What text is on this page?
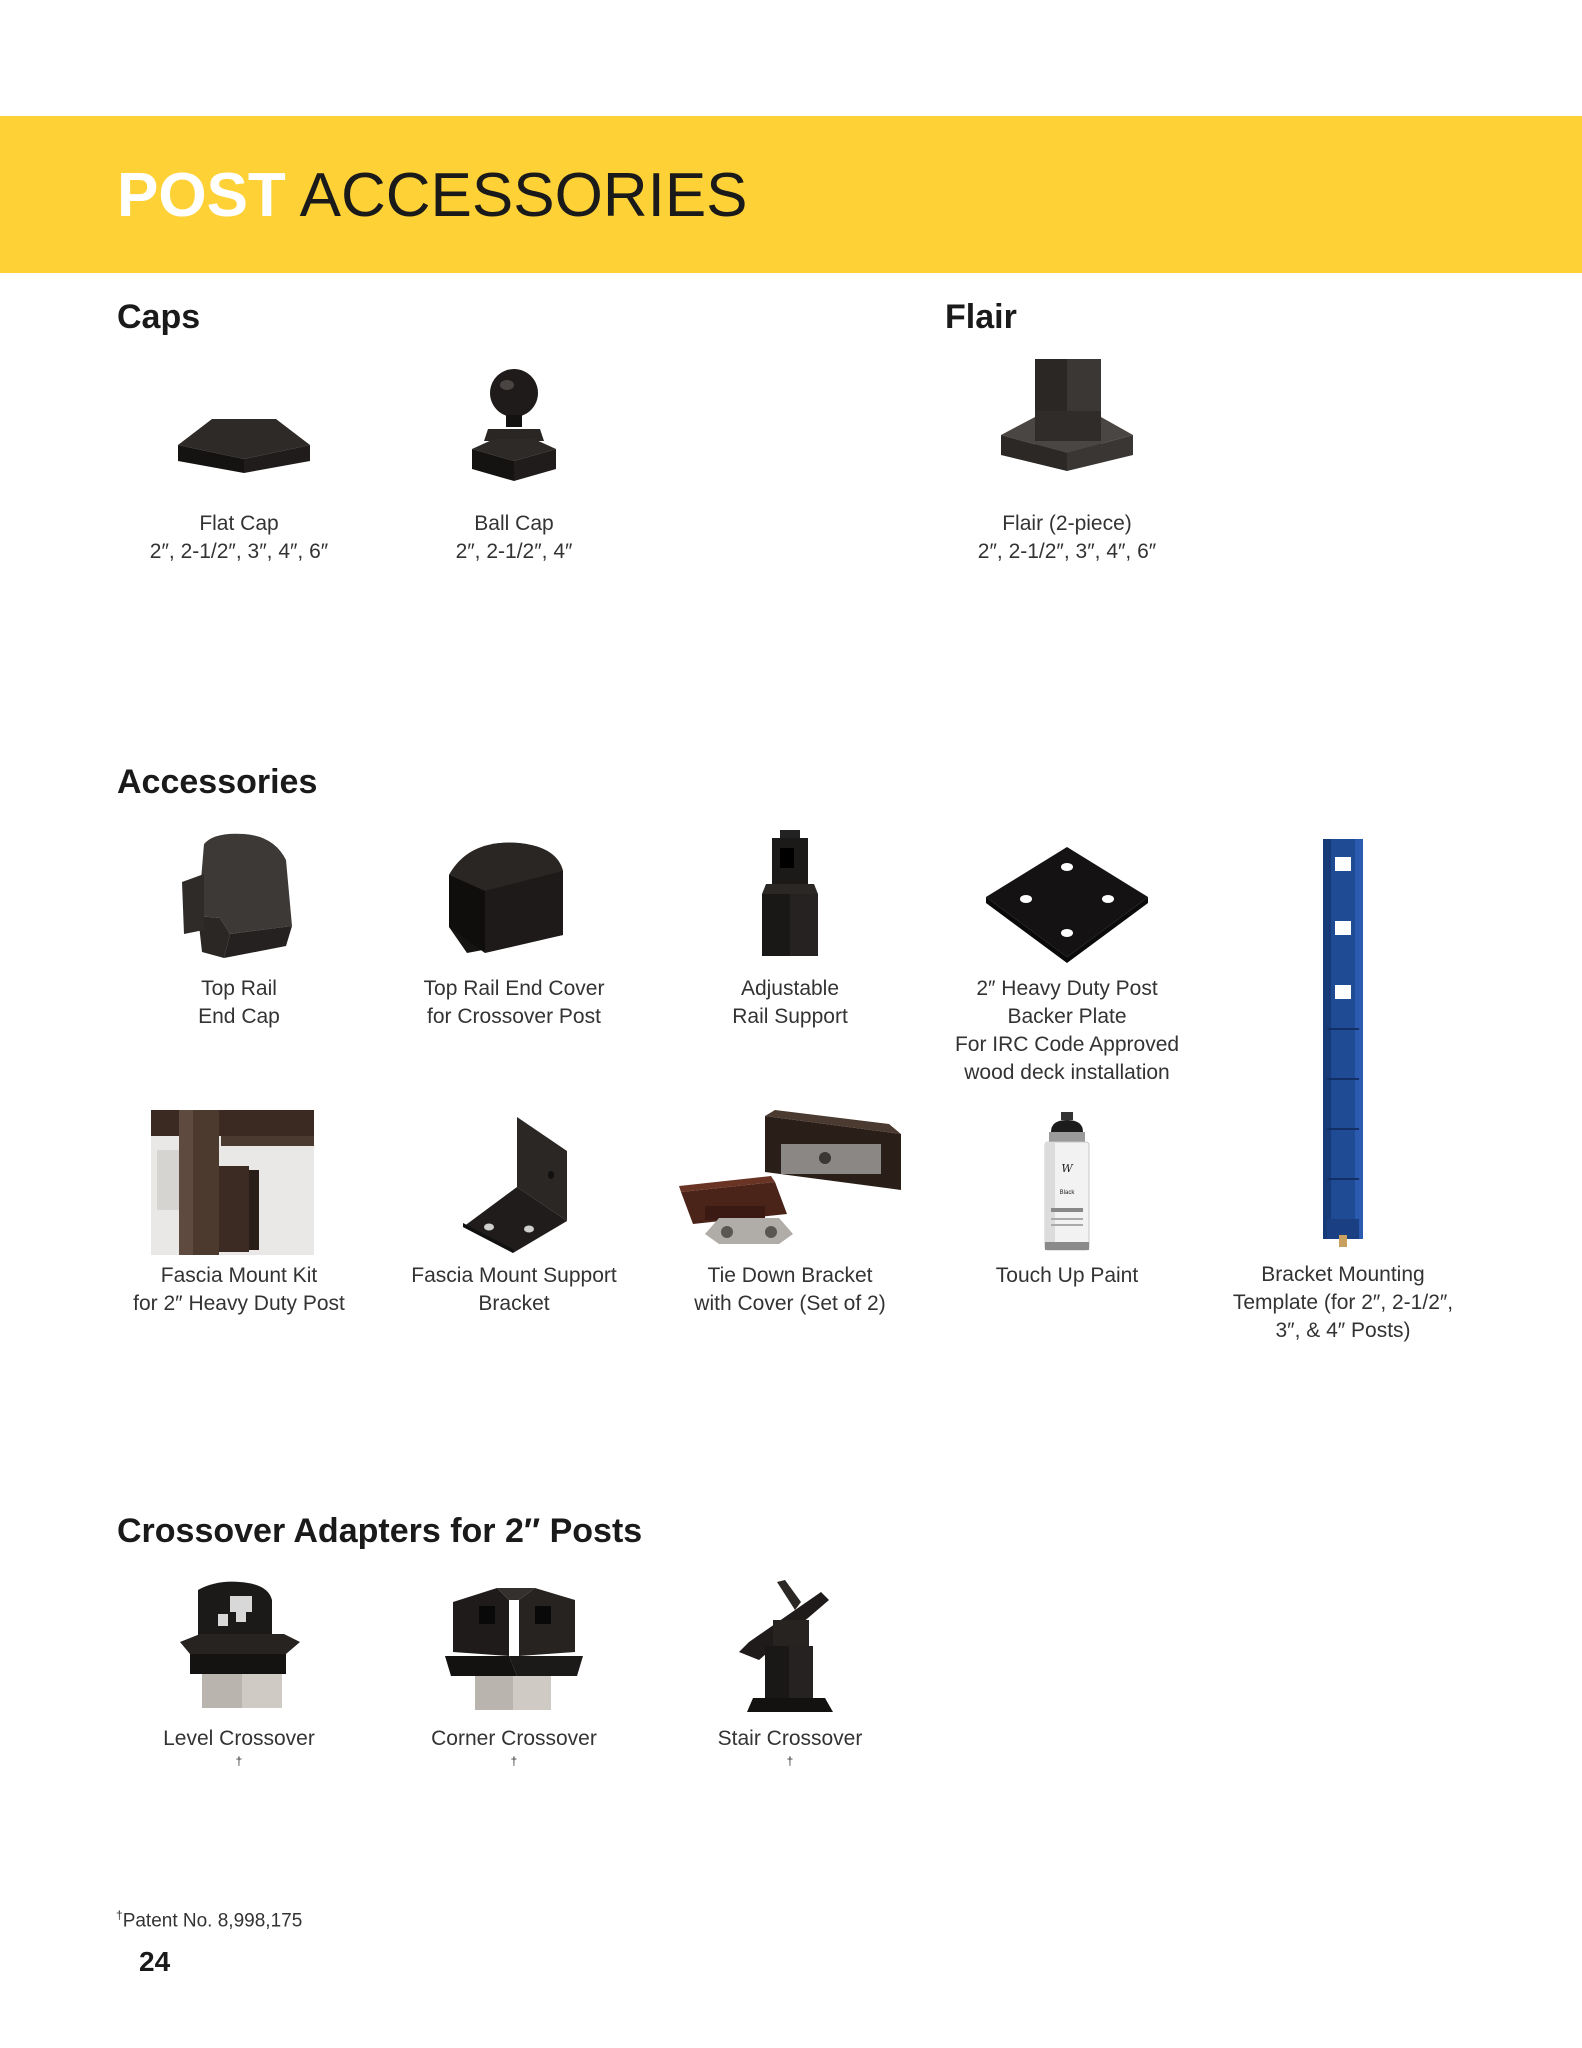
POST ACCESSORIES
Caps	Flair
Accessories
Crossover Adapters for 2″ Posts
Flat Cap
2″, 2-1/2″, 3″, 4″, 6″
Ball Cap
2″, 2-1/2″, 4″
Flair (2-piece)
2″, 2-1/2″, 3″, 4″, 6″
Top Rail
End Cap
Top Rail End Cover
for Crossover Post
Adjustable
Rail Support
2″ Heavy Duty Post
Backer Plate
For IRC Code Approved
wood deck installation
Bracket Mounting
Template (for 2″, 2-1/2″,
3″, & 4″ Posts)
Fascia Mount Kit
for 2″ Heavy Duty Post
Fascia Mount Support
Bracket
Tie Down Bracket
with Cover (Set of 2)
W
Black
Touch Up Paint
Level Crossover
†
Corner Crossover
†
Stair Crossover
†
†Patent No. 8,998,175
24
